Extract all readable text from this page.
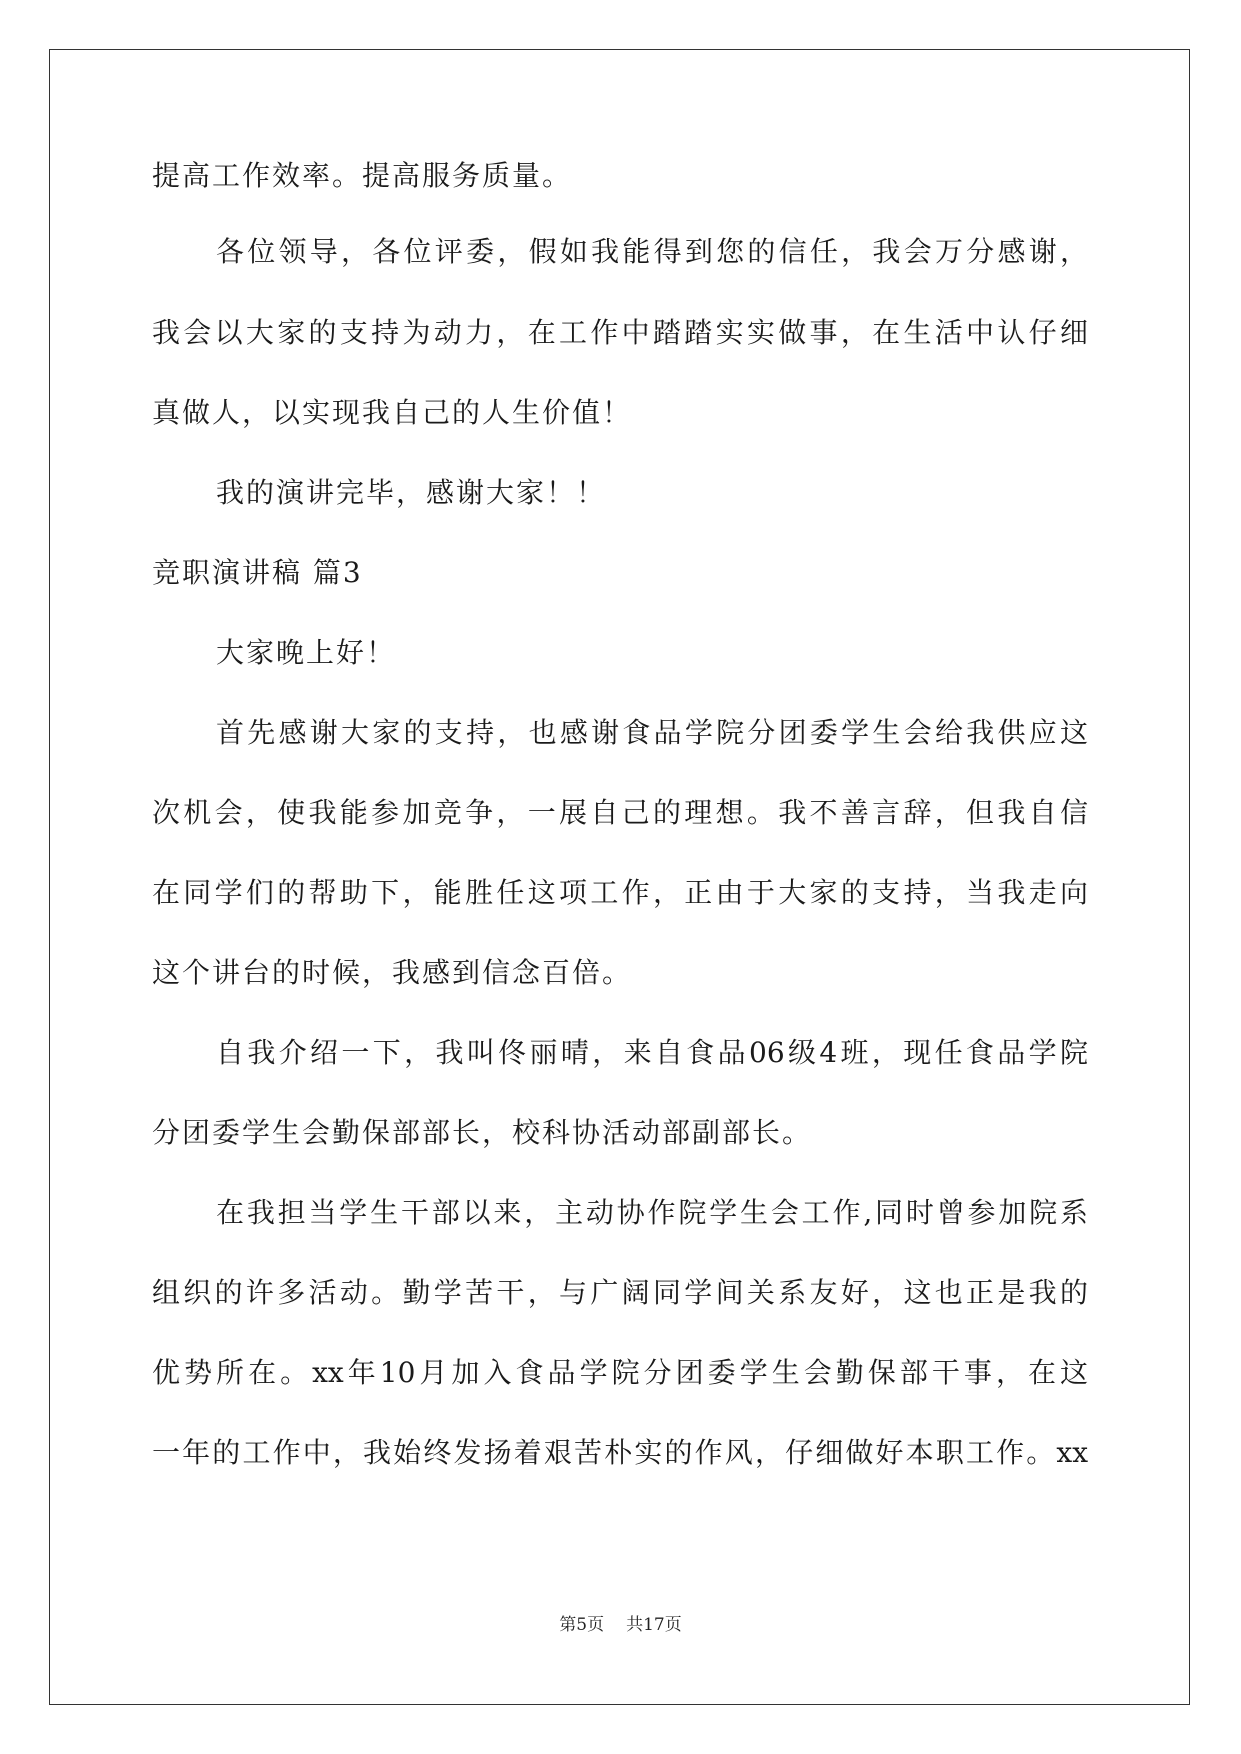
提高工作效率。提高服务质量。

各位领导，各位评委，假如我能得到您的信任，我会万分感谢，

我会以大家的支持为动力，在工作中踏踏实实做事，在生活中认仔细

真做人，以实现我自己的人生价值！

我的演讲完毕，感谢大家！！

竞职演讲稿 篇3

大家晚上好！

首先感谢大家的支持，也感谢食品学院分团委学生会给我供应这

次机会，使我能参加竞争，一展自己的理想。我不善言辞，但我自信

在同学们的帮助下，能胜任这项工作，正由于大家的支持，当我走向

这个讲台的时候，我感到信念百倍。

自我介绍一下，我叫佟丽晴，来自食品06级4班，现任食品学院

分团委学生会勤保部部长，校科协活动部副部长。

在我担当学生干部以来，主动协作院学生会工作,同时曾参加院系

组织的许多活动。勤学苦干，与广阔同学间关系友好，这也正是我的

优势所在。xx年10月加入食品学院分团委学生会勤保部干事，在这

一年的工作中，我始终发扬着艰苦朴实的作风，仔细做好本职工作。xx

第5页 共17页
